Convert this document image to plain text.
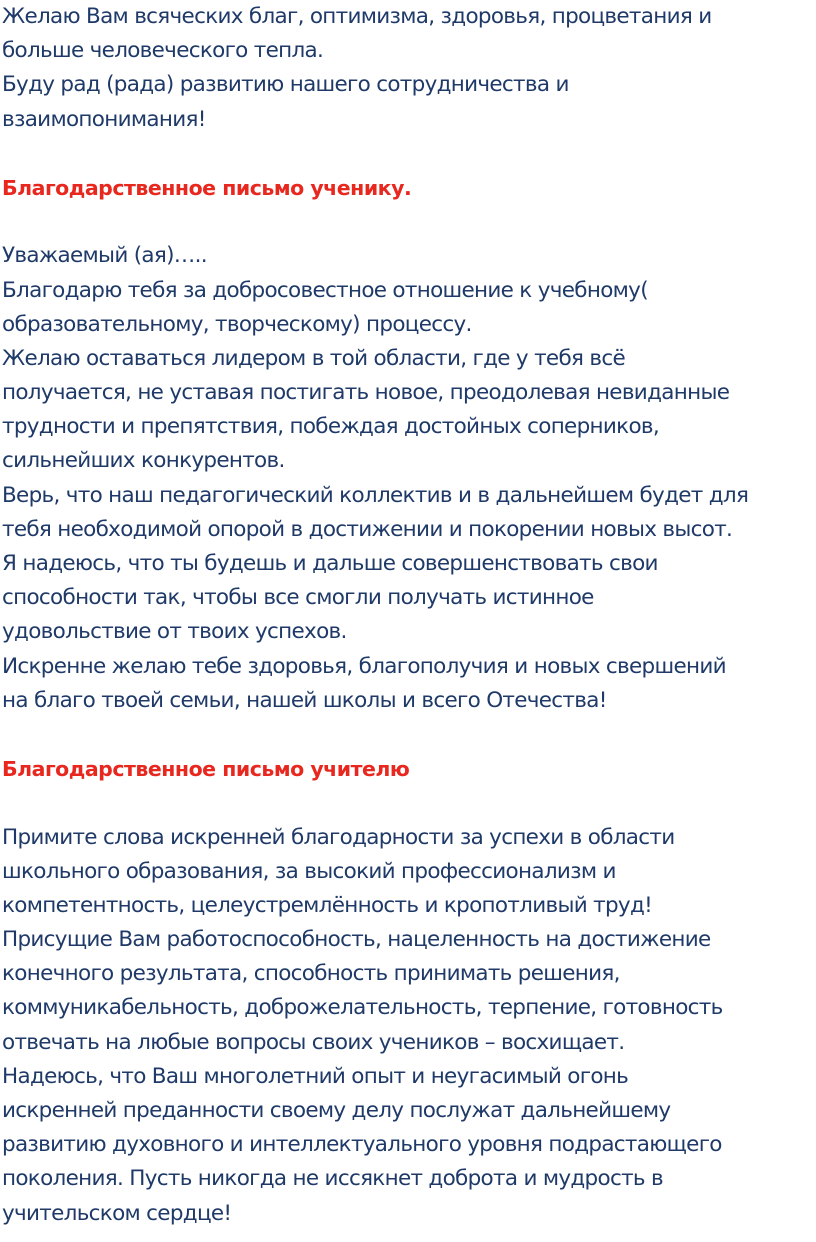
Желаю Вам всяческих благ, оптимизма, здоровья, процветания и
больше человеческого тепла.
Буду рад (рада) развитию нашего сотрудничества и
взаимопонимания!
Благодарственное письмо ученику.
Уважаемый (ая)…..
Благодарю тебя за добросовестное отношение к учебному(
образовательному, творческому) процессу.
Желаю оставаться лидером в той области, где у тебя всё
получается, не уставая постигать новое, преодолевая невиданные
трудности и препятствия, побеждая достойных соперников,
сильнейших конкурентов.
Верь, что наш педагогический коллектив и в дальнейшем будет для
тебя необходимой опорой в достижении и покорении новых высот.
Я надеюсь, что ты будешь и дальше совершенствовать свои
способности так, чтобы все смогли получать истинное
удовольствие от твоих успехов.
Искренне желаю тебе здоровья, благополучия и новых свершений
на благо твоей семьи, нашей школы и всего Отечества!
Благодарственное письмо учителю
Примите слова искренней благодарности за успехи в области
школьного образования, за высокий профессионализм и
компетентность, целеустремлённость и кропотливый труд!
Присущие Вам работоспособность, нацеленность на достижение
конечного результата, способность принимать решения,
коммуникабельность, доброжелательность, терпение, готовность
отвечать на любые вопросы своих учеников – восхищает.
Надеюсь, что Ваш многолетний опыт и неугасимый огонь
искренней преданности своему делу послужат дальнейшему
развитию духовного и интеллектуального уровня подрастающего
поколения. Пусть никогда не иссякнет доброта и мудрость в
учительском сердце!
